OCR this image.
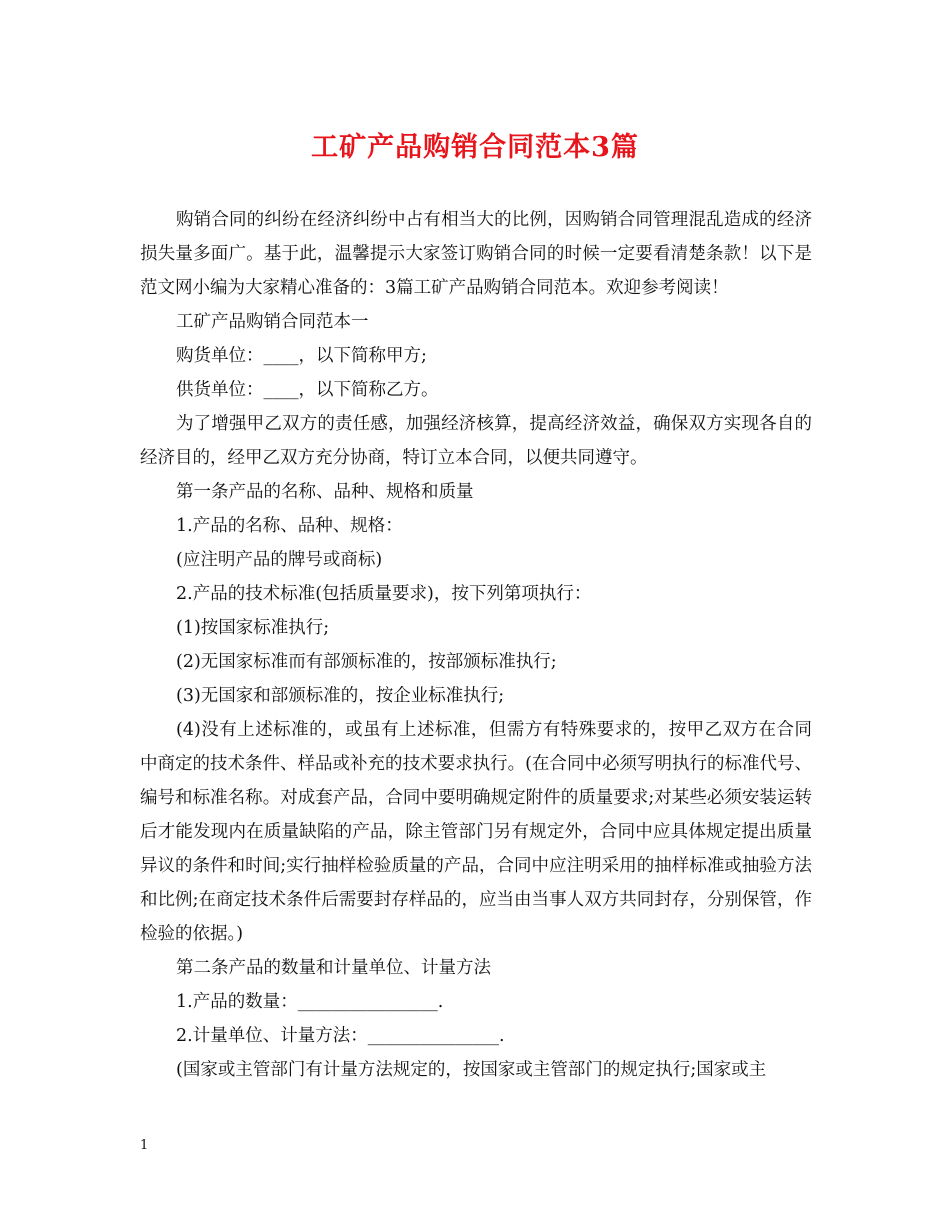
工矿产品购销合同范本3篇

购销合同的纠纷在经济纠纷中占有相当大的比例，因购销合同管理混乱造成的经济损失量多面广。基于此，温馨提示大家签订购销合同的时候一定要看清楚条款！以下是范文网小编为大家精心准备的：3篇工矿产品购销合同范本。欢迎参考阅读！

工矿产品购销合同范本一

购货单位：____，以下简称甲方;

供货单位：____，以下简称乙方。

为了增强甲乙双方的责任感，加强经济核算，提高经济效益，确保双方实现各自的经济目的，经甲乙双方充分协商，特订立本合同，以便共同遵守。

第一条产品的名称、品种、规格和质量

1.产品的名称、品种、规格：

(应注明产品的牌号或商标)

2.产品的技术标准(包括质量要求)，按下列第项执行：

(1)按国家标准执行;

(2)无国家标准而有部颁标准的，按部颁标准执行;

(3)无国家和部颁标准的，按企业标准执行;

(4)没有上述标准的，或虽有上述标准，但需方有特殊要求的，按甲乙双方在合同中商定的技术条件、样品或补充的技术要求执行。(在合同中必须写明执行的标准代号、编号和标准名称。对成套产品，合同中要明确规定附件的质量要求;对某些必须安装运转后才能发现内在质量缺陷的产品，除主管部门另有规定外，合同中应具体规定提出质量异议的条件和时间;实行抽样检验质量的产品，合同中应注明采用的抽样标准或抽验方法和比例;在商定技术条件后需要封存样品的，应当由当事人双方共同封存，分别保管，作检验的依据。)

第二条产品的数量和计量单位、计量方法

1.产品的数量：________________.

2.计量单位、计量方法：_______________.

(国家或主管部门有计量方法规定的，按国家或主管部门的规定执行;国家或主

1
